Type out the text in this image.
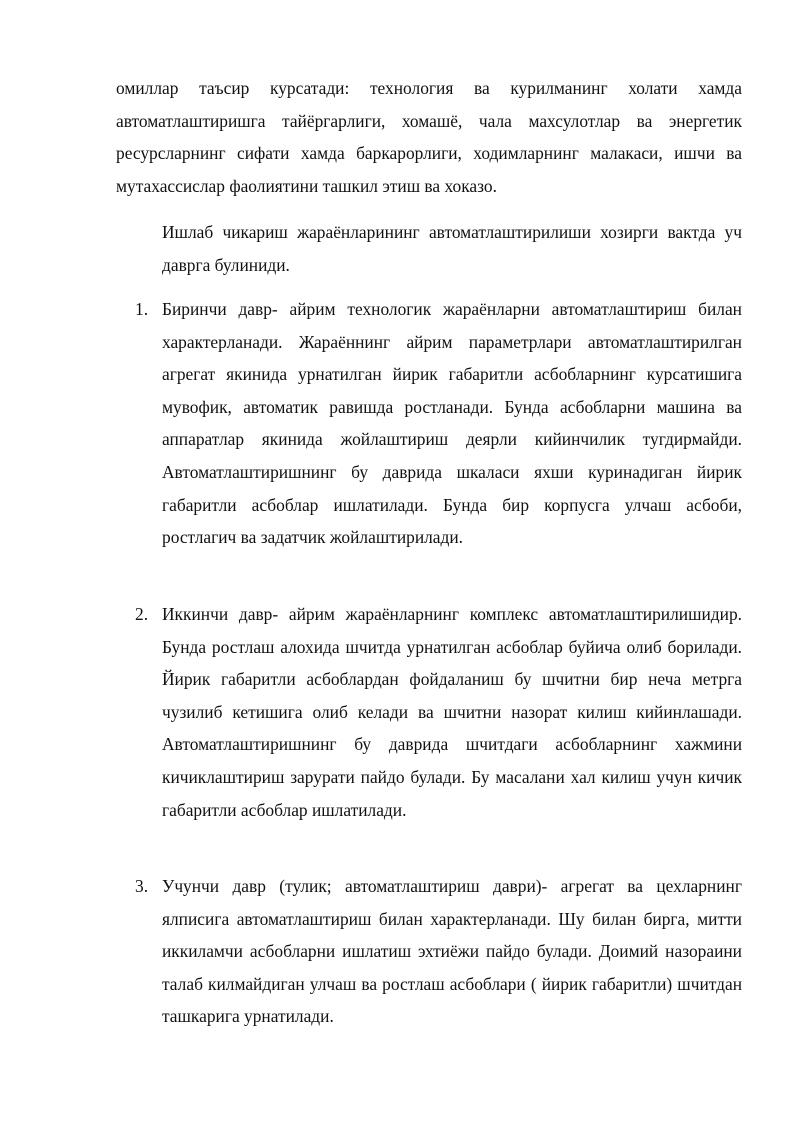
омиллар таъсир курсатади: технология ва курилманинг холати хамда автоматлаштиришга тайёргарлиги, хомашё, чала махсулотлар ва энергетик ресурсларнинг сифати хамда баркарорлиги, ходимларнинг малакаси, ишчи ва мутахассислар фаолиятини ташкил этиш ва хоказо.

Ишлаб чикариш жараёнларининг автоматлаштирилиши хозирги вактда уч даврга булиниди.

1. Биринчи давр- айрим технологик жараёнларни автоматлаштириш билан характерланади. Жараённинг айрим параметрлари автоматлаштирилган агрегат якинида урнатилган йирик габаритли асбобларнинг курсатишига мувофик, автоматик равишда ростланади. Бунда асбобларни машина ва аппаратлар якинида жойлаштириш деярли кийинчилик тугдирмайди. Автоматлаштиришнинг бу даврида шкаласи яхши куринадиган йирик габаритли асбоблар ишлатилади. Бунда бир корпусга улчаш асбоби, ростлагич ва задатчик жойлаштирилади.
2. Иккинчи давр- айрим жараёнларнинг комплекс автоматлаштирилишидир. Бунда ростлаш алохида шчитда урнатилган асбоблар буйича олиб борилади. Йирик габаритли асбоблардан фойдаланиш бу шчитни бир неча метрга чузилиб кетишига олиб келади ва шчитни назорат килиш кийинлашади. Автоматлаштиришнинг бу даврида шчитдаги асбобларнинг хажмини кичиклаштириш зарурати пайдо булади. Бу масалани хал килиш учун кичик габаритли асбоблар ишлатилади.
3. Учунчи давр (тулик; автоматлаштириш даври)- агрегат ва цехларнинг ялписига автоматлаштириш билан характерланади. Шу билан бирга, митти иккиламчи асбобларни ишлатиш эхтиёжи пайдо булади. Доимий назораини талаб килмайдиган улчаш ва ростлаш асбоблари ( йирик габаритли) шчитдан ташкарига урнатилади.
